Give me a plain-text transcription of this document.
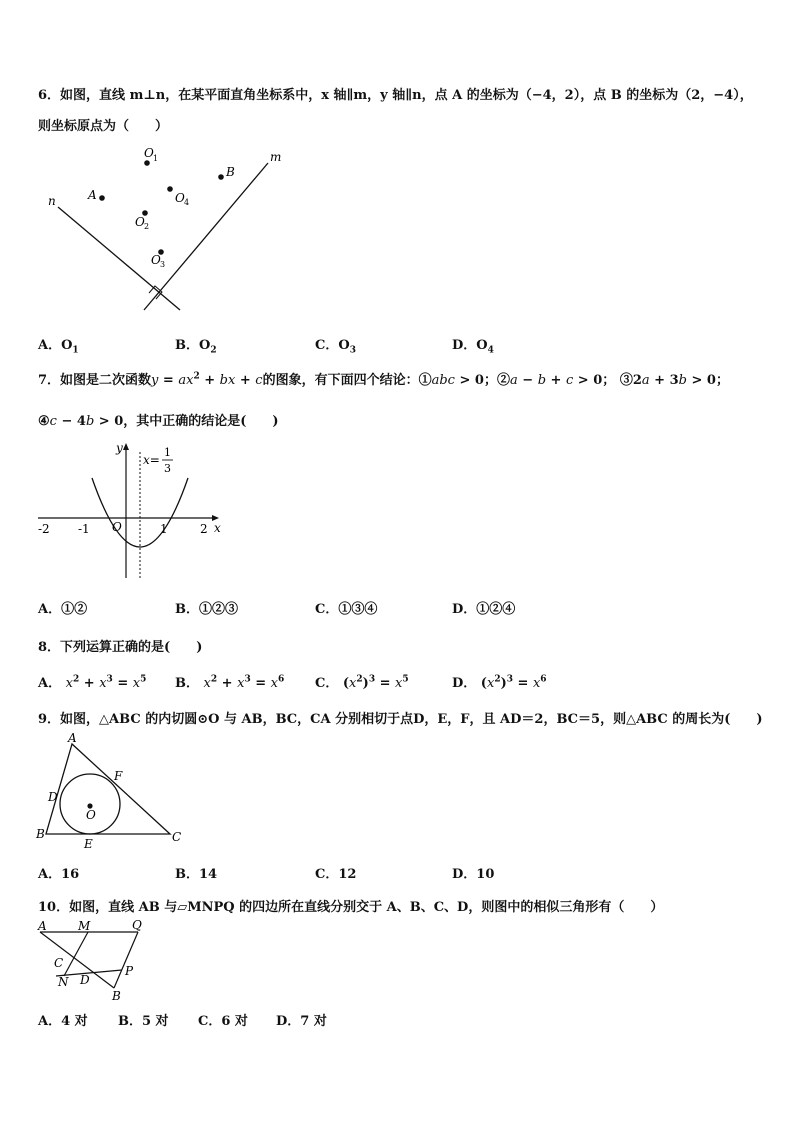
6．如图，直线 m⊥n，在某平面直角坐标系中，x 轴∥m，y 轴∥n，点 A 的坐标为（−4，2），点 B 的坐标为（2，−4），
则坐标原点为（　　）
n
m
A
B
O 1
O 4
O 2
O 3
A．$O_1$	B．$O_2$	C．$O_3$	D．$O_4$
7．如图是二次函数$y = ax^2$ + bx + c的图象，有下面四个结论：①abc > 0；②a − b + c > 0； ③2a + 3b > 0；
④c − 4b > 0，其中正确的结论是(　　)
y
x
O
-2 -1	1	2
x=
1
3
A．①②	B．①②③	C．①③④	D．①②④
8．下列运算正确的是(　　)
A． $x^2 + x^3 = x^5$ B． $x^2 + x^3 = x^6$ C． $(x^2)^3 = x^5$	D． $(x^2)^3 = x^6$
9．如图，△ABC 的内切圆⊙O 与 AB，BC，CA 分别相切于点D，E，F，且 AD＝2，BC＝5，则△ABC 的周长为(　　)
A
B	C
D
E
F
O
A．16	B．14	C．12	D．10
10．如图，直线 AB 与▱MNPQ 的四边所在直线分别交于 A、B、C、D，则图中的相似三角形有（　　）
A	M	Q
C
P
N D
B
A．4 对 B．5 对 C．6 对 D．7 对
